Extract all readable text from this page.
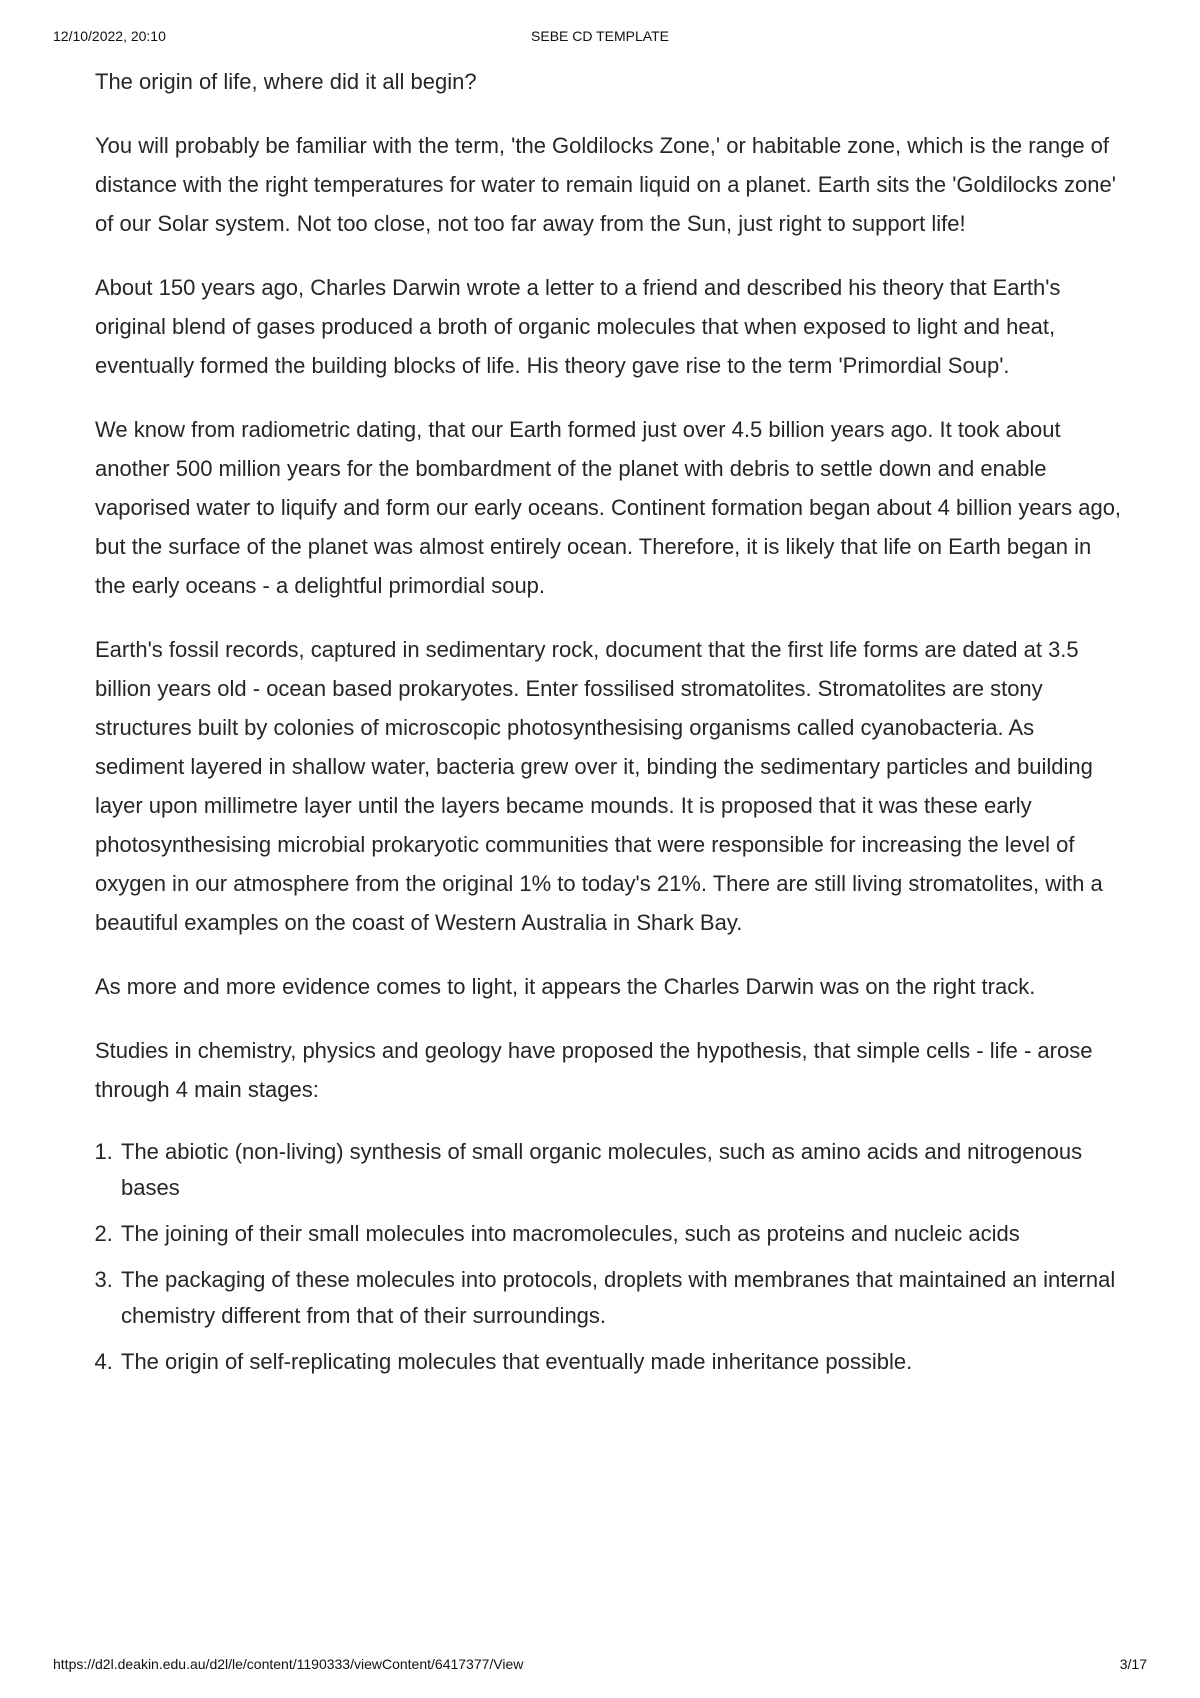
12/10/2022, 20:10	SEBE CD TEMPLATE

The origin of life, where did it all begin?

You will probably be familiar with the term, 'the Goldilocks Zone,' or habitable zone, which is the range of distance with the right temperatures for water to remain liquid on a planet. Earth sits the 'Goldilocks zone' of our Solar system. Not too close, not too far away from the Sun, just right to support life!

About 150 years ago, Charles Darwin wrote a letter to a friend and described his theory that Earth's original blend of gases produced a broth of organic molecules that when exposed to light and heat, eventually formed the building blocks of life. His theory gave rise to the term 'Primordial Soup'.

We know from radiometric dating, that our Earth formed just over 4.5 billion years ago. It took about another 500 million years for the bombardment of the planet with debris to settle down and enable vaporised water to liquify and form our early oceans. Continent formation began about 4 billion years ago, but the surface of the planet was almost entirely ocean. Therefore, it is likely that life on Earth began in the early oceans - a delightful primordial soup.

Earth's fossil records, captured in sedimentary rock, document that the first life forms are dated at 3.5 billion years old - ocean based prokaryotes. Enter fossilised stromatolites. Stromatolites are stony structures built by colonies of microscopic photosynthesising organisms called cyanobacteria. As sediment layered in shallow water, bacteria grew over it, binding the sedimentary particles and building layer upon millimetre layer until the layers became mounds. It is proposed that it was these early photosynthesising microbial prokaryotic communities that were responsible for increasing the level of oxygen in our atmosphere from the original 1% to today's 21%. There are still living stromatolites, with a beautiful examples on the coast of Western Australia in Shark Bay.

As more and more evidence comes to light, it appears the Charles Darwin was on the right track.

Studies in chemistry, physics and geology have proposed the hypothesis, that simple cells - life - arose through 4 main stages:

1. The abiotic (non-living) synthesis of small organic molecules, such as amino acids and nitrogenous bases
2. The joining of their small molecules into macromolecules, such as proteins and nucleic acids
3. The packaging of these molecules into protocols, droplets with membranes that maintained an internal chemistry different from that of their surroundings.
4. The origin of self-replicating molecules that eventually made inheritance possible.
https://d2l.deakin.edu.au/d2l/le/content/1190333/viewContent/6417377/View	3/17
